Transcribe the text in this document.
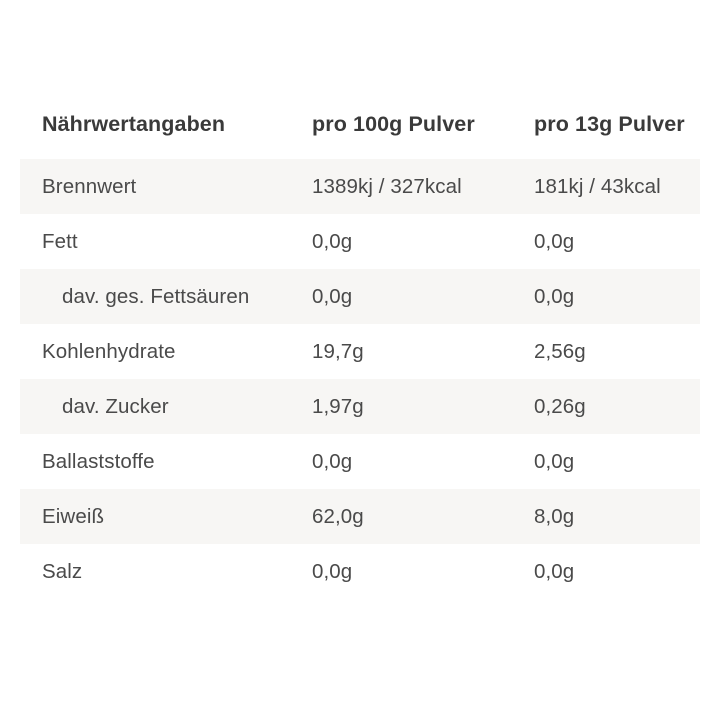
Nährwertangaben	pro 100g Pulver	pro 13g Pulver
Brennwert	1389kj / 327kcal	181kj / 43kcal
Fett	0,0g	0,0g
dav. ges. Fettsäuren	0,0g	0,0g
Kohlenhydrate	19,7g	2,56g
dav. Zucker	1,97g	0,26g
Ballaststoffe	0,0g	0,0g
Eiweiß	62,0g	8,0g
Salz	0,0g	0,0g
